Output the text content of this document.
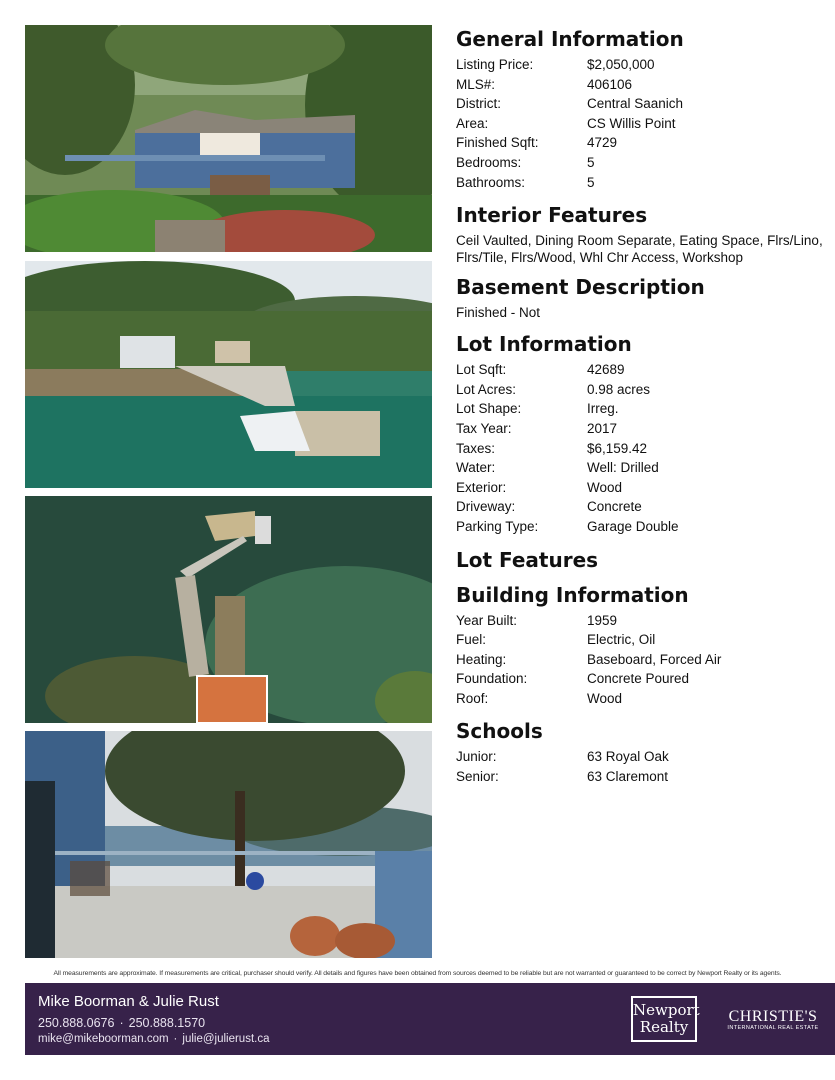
General Information
Listing Price:	$2,050,000
MLS#:	406106
District:	Central Saanich
Area:	CS Willis Point
Finished Sqft:	4729
Bedrooms:	5
Bathrooms:	5
Interior Features

Ceil Vaulted, Dining Room Separate, Eating Space, Flrs/Lino, Flrs/Tile, Flrs/Wood, Whl Chr Access, Workshop

Basement Description

Finished - Not

Lot Information
Lot Sqft:	42689
Lot Acres:	0.98 acres
Lot Shape:	Irreg.
Tax Year:	2017
Taxes:	$6,159.42
Water:	Well: Drilled
Exterior:	Wood
Driveway:	Concrete
Parking Type:	Garage Double
Lot Features
Building Information
Year Built:	1959
Fuel:	Electric, Oil
Heating:	Baseboard, Forced Air
Foundation:	Concrete Poured
Roof:	Wood
Schools
Junior:	63 Royal Oak
Senior:	63 Claremont
All measurements are approximate. If measurements are critical, purchaser should verify. All details and figures have been obtained from sources deemed to be reliable but are not warranted or guaranteed to be correct by Newport Realty or its agents.
Mike Boorman & Julie Rust
250.888.0676 · 250.888.1570
mike@mikeboorman.com · julie@julierust.ca
Newport
Realty
CHRISTIE'S
INTERNATIONAL REAL ESTATE
